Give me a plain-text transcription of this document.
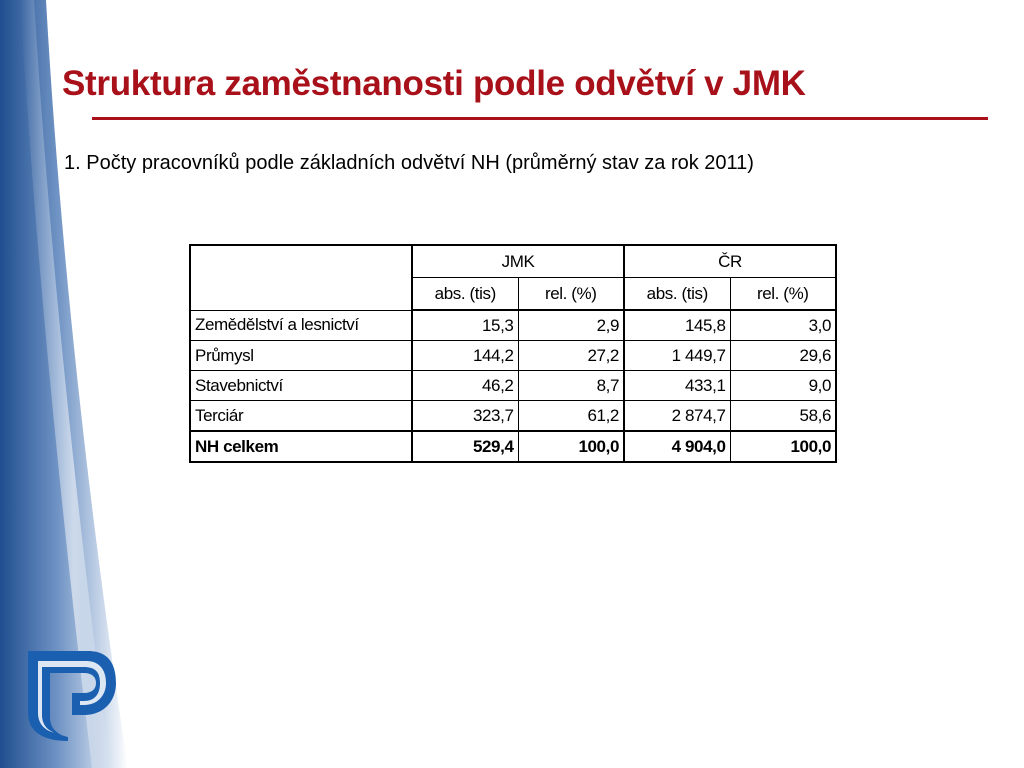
Struktura zaměstnanosti podle odvětví v JMK
1. Počty pracovníků podle základních odvětví NH (průměrný stav za rok 2011)
	JMK		ČR	
	abs. (tis)	rel. (%)	abs. (tis)	rel. (%)
Zemědělství a lesnictví	15,3	2,9	145,8	3,0
Průmysl	144,2	27,2	1 449,7	29,6
Stavebnictví	46,2	8,7	433,1	9,0
Terciár	323,7	61,2	2 874,7	58,6
NH celkem	529,4	100,0	4 904,0	100,0
